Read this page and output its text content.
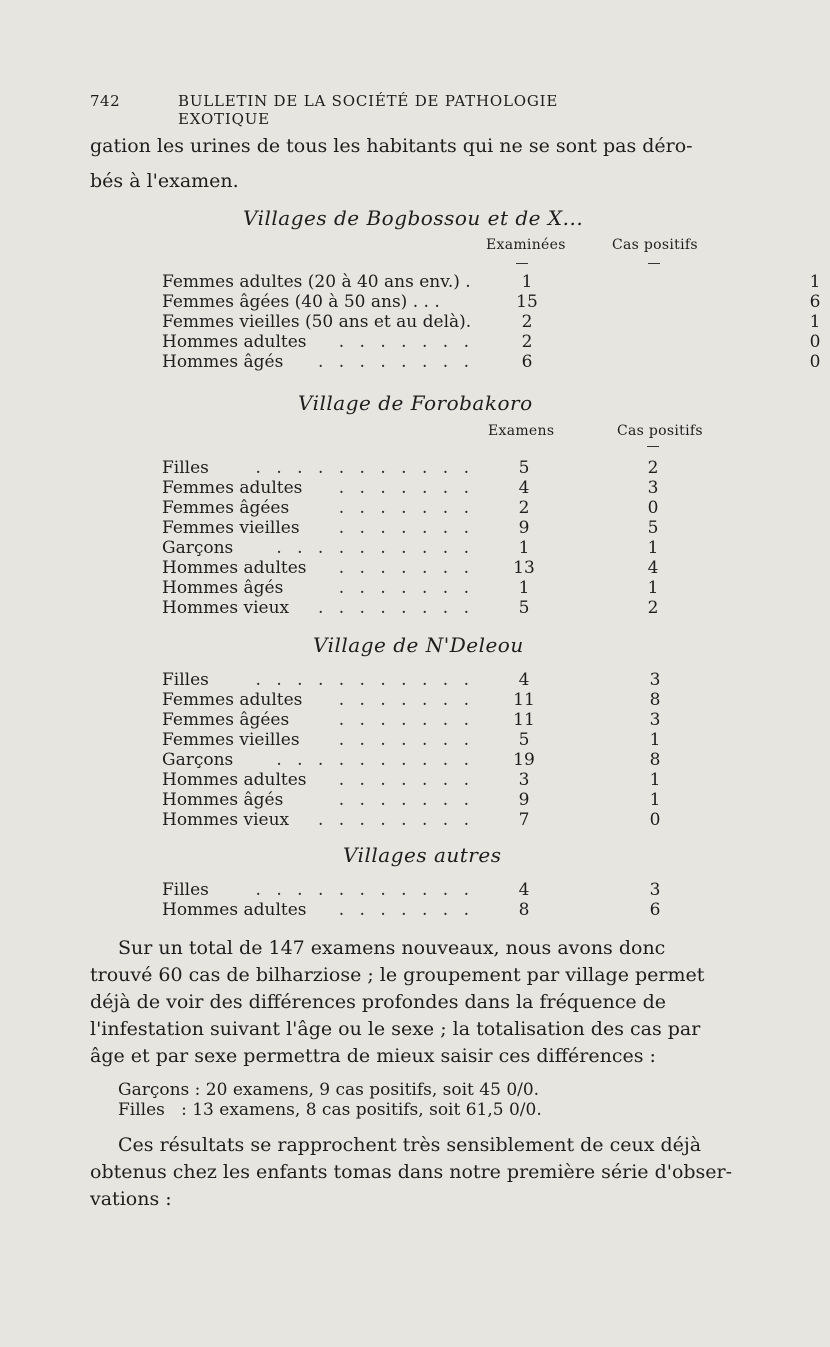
742	BULLETIN DE LA SOCIÉTÉ DE PATHOLOGIE EXOTIQUE
gation les urines de tous les habitants qui ne se sont pas déro-
bés à l'examen.
Villages de Bogbossou et de X...
Examinées	Cas positifs
Femmes adultes (20 à 40 ans env.) .	1	1
Femmes âgées (40 à 50 ans) . . .	15	6
Femmes vieilles (50 ans et au delà).	2	1
Hommes adultes	. . . . . . .	2	0
Hommes âgés	. . . . . . . .	6	0
Village de Forobakoro
Examens	Cas positifs
Filles	. . . . . . . . . . .	5	2
Femmes adultes	. . . . . . .	4	3
Femmes âgées	. . . . . . .	2	0
Femmes vieilles	. . . . . . .	9	5
Garçons	. . . . . . . . . .	1	1
Hommes adultes	. . . . . . . 13	4
Hommes âgés	. . . . . . .	1	1
Hommes vieux	. . . . . . . .	5	2
Village de N'Deleou
Filles	. . . . . . . . . . .	4	3
Femmes adultes	. . . . . . . 11	8
Femmes âgées	. . . . . . . 11	3
Femmes vieilles	. . . . . . .	5	1
Garçons	. . . . . . . . . . 19	8
Hommes adultes	. . . . . . .	3	1
Hommes âgés	. . . . . . .	9	1
Hommes vieux	. . . . . . . .	7	0
Villages autres
Filles	. . . . . . . . . . .	4	3
Hommes adultes	. . . . . . .	8	6
Sur un total de 147 examens nouveaux, nous avons donc
trouvé 60 cas de bilharziose ; le groupement par village permet
déjà de voir des différences profondes dans la fréquence de
l'infestation suivant l'âge ou le sexe ; la totalisation des cas par
âge et par sexe permettra de mieux saisir ces différences :
Garçons : 20 examens, 9 cas positifs, soit 45 0/0.
Filles   : 13 examens, 8 cas positifs, soit 61,5 0/0.
Ces résultats se rapprochent très sensiblement de ceux déjà
obtenus chez les enfants tomas dans notre première série d'obser-
vations :
